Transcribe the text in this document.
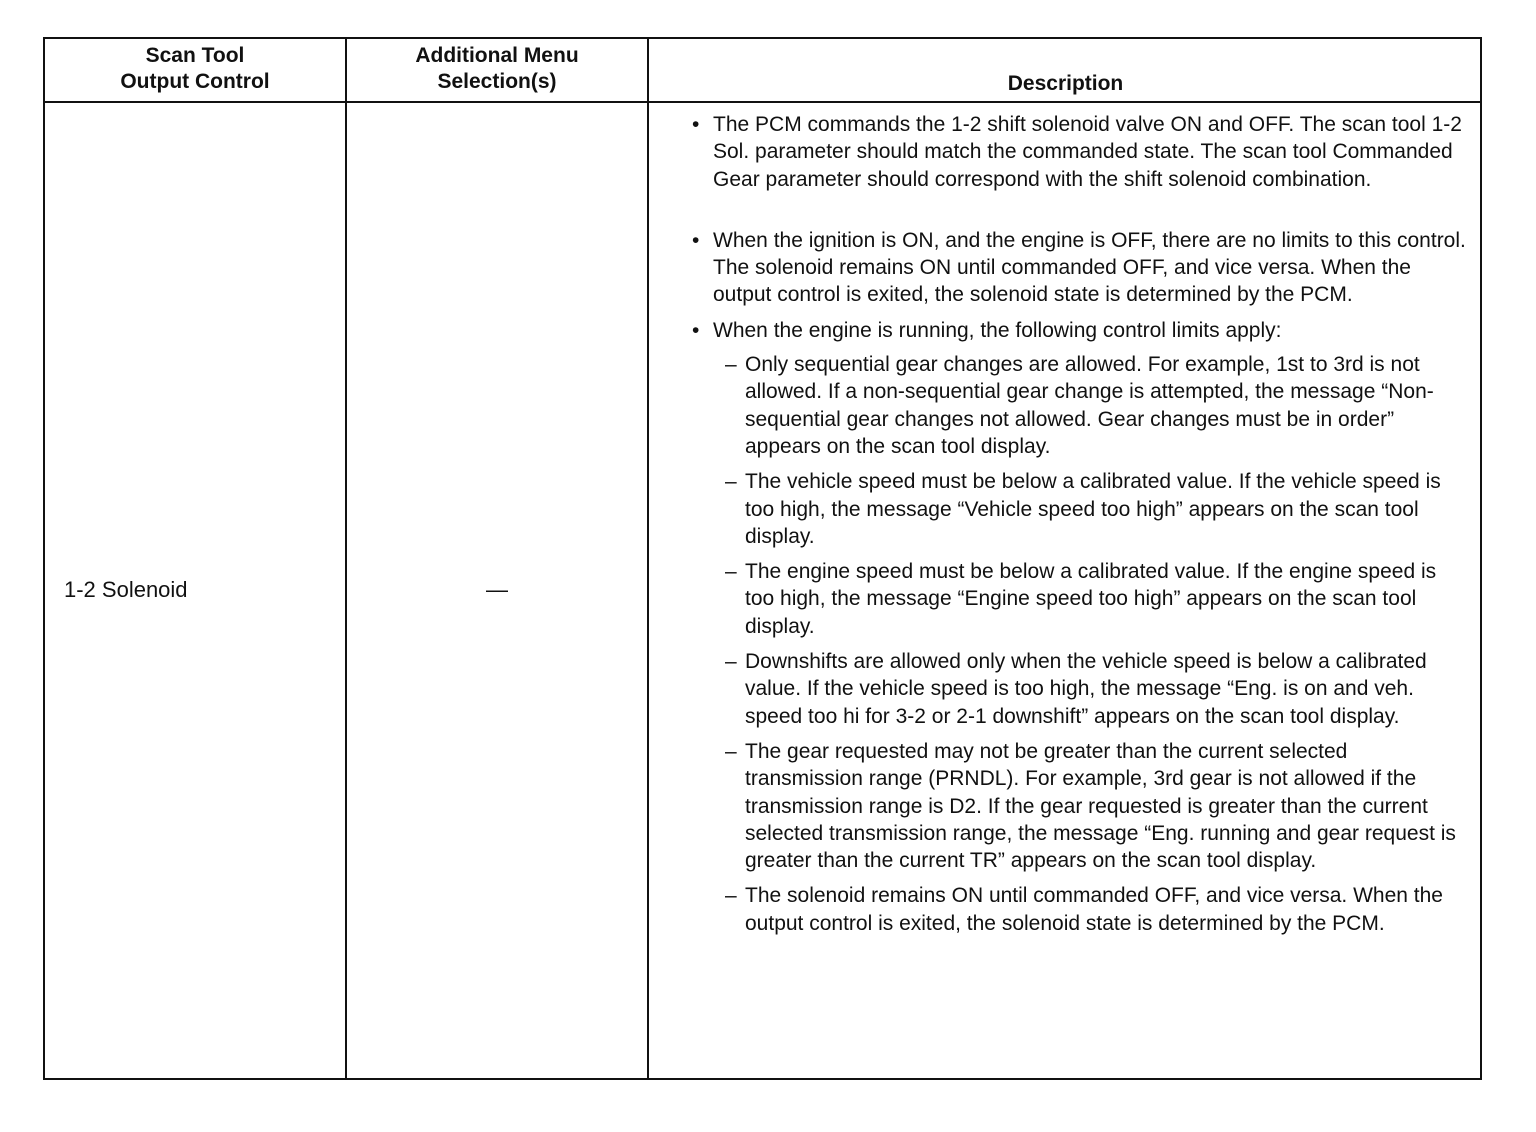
Scan Tool
Output Control
Additional Menu
Selection(s)	Description
1-2 Solenoid	—
• The PCM commands the 1-2 shift solenoid valve ON and OFF. The scan tool 1-2 Sol. parameter should match the commanded state. The scan tool Commanded Gear parameter should correspond with the shift solenoid combination.
• When the ignition is ON, and the engine is OFF, there are no limits to this control. The solenoid remains ON until commanded OFF, and vice versa. When the output control is exited, the solenoid state is determined by the PCM.
• When the engine is running, the following control limits apply:
– Only sequential gear changes are allowed. For example, 1st to 3rd is not allowed. If a non-sequential gear change is attempted, the message “Non-sequential gear changes not allowed. Gear changes must be in order” appears on the scan tool display.
– The vehicle speed must be below a calibrated value. If the vehicle speed is too high, the message “Vehicle speed too high” appears on the scan tool display.
– The engine speed must be below a calibrated value. If the engine speed is too high, the message “Engine speed too high” appears on the scan tool display.
– Downshifts are allowed only when the vehicle speed is below a calibrated value. If the vehicle speed is too high, the message “Eng. is on and veh. speed too hi for 3-2 or 2-1 downshift” appears on the scan tool display.
– The gear requested may not be greater than the current selected transmission range (PRNDL). For example, 3rd gear is not allowed if the transmission range is D2. If the gear requested is greater than the current selected transmission range, the message “Eng. running and gear request is greater than the current TR” appears on the scan tool display.
– The solenoid remains ON until commanded OFF, and vice versa. When the output control is exited, the solenoid state is determined by the PCM.
